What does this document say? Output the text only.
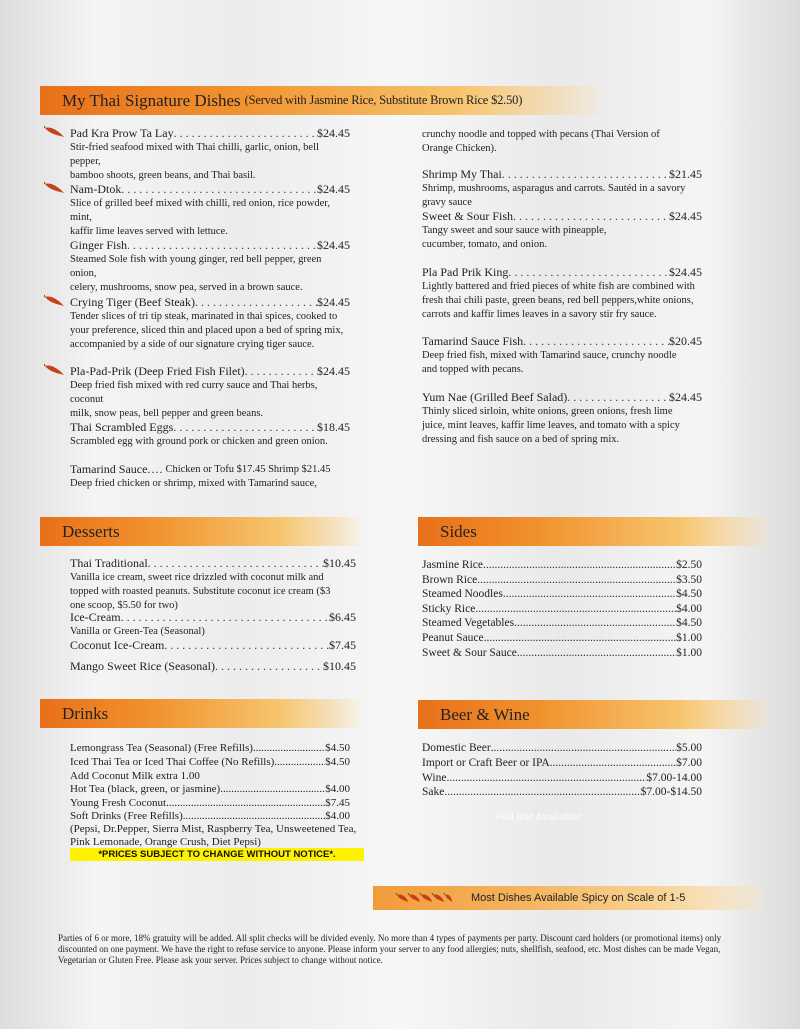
My Thai Signature Dishes (Served with Jasmine Rice, Substitute Brown Rice $2.50)
Pad Kra Prow Ta Lay . . .	$24.45
Stir-fried seafood mixed with Thai chilli, garlic, onion, bell pepper,
bamboo shoots, green beans, and Thai basil.
Nam-Dtok . . .	$24.45
Slice of grilled beef mixed with chilli, red onion, rice powder, mint,
kaffir lime leaves served with lettuce.
Ginger Fish . . .	$24.45
Steamed Sole fish with young ginger, red bell pepper, green onion,
celery, mushrooms, snow pea, served in a brown sauce.
Crying Tiger (Beef Steak) . . .	$24.45
Tender slices of tri tip steak, marinated in thai spices, cooked to
your preference, sliced thin and placed upon a bed of spring mix,
accompanied by a side of our signature crying tiger sauce.
Pla-Pad-Prik (Deep Fried Fish Filet) . . .	$24.45
Deep fried fish mixed with red curry sauce and Thai herbs, coconut
milk, snow peas, bell pepper and green beans.
Thai Scrambled Eggs . . .	$18.45
Scrambled egg with ground pork or chicken and green onion.
Tamarind Sauce .... Chicken or Tofu $17.45 Shrimp $21.45
Deep fried chicken or shrimp, mixed with Tamarind sauce,
crunchy noodle and topped with pecans (Thai Version of
Orange Chicken).
Shrimp My Thai . . .	$21.45
Shrimp, mushrooms, asparagus and carrots. Sautéd in a savory
gravy sauce
Sweet & Sour Fish . . .	$24.45
Tangy sweet and sour sauce with pineapple,
cucumber, tomato, and onion.
Pla Pad Prik King . . .	$24.45
Lightly battered and fried pieces of white fish are combined with
fresh thai chili paste, green beans, red bell peppers,white onions,
carrots and kaffir limes leaves in a savory stir fry sauce.
Tamarind Sauce Fish . . .	$20.45
Deep fried fish, mixed with Tamarind sauce, crunchy noodle
and topped with pecans.
Yum Nae (Grilled Beef Salad) . . .	$24.45
Thinly sliced sirloin, white onions, green onions, fresh lime
juice, mint leaves, kaffir lime leaves, and tomato with a spicy
dressing and fish sauce on a bed of spring mix.
Desserts
Thai Traditional . . .	$10.45
Vanilla ice cream, sweet rice drizzled with coconut milk and
topped with roasted peanuts. Substitute coconut ice cream ($3
one scoop, $5.50 for two)
Ice-Cream . . .	$6.45
Vanilla or Green-Tea (Seasonal)
Coconut Ice-Cream . . .	$7.45
Mango Sweet Rice (Seasonal) . . .	$10.45
Sides
Jasmine Rice .....	$2.50
Brown Rice .....	$3.50
Steamed Noodles .....	$4.50
Sticky Rice .....	$4.00
Steamed Vegetables .....	$4.50
Peanut Sauce .....	$1.00
Sweet & Sour Sauce .....	$1.00
Drinks
Lemongrass Tea (Seasonal) (Free Refills) .....	$4.50
Iced Thai Tea or Iced Thai Coffee (No Refills) .....	$4.50
Add Coconut Milk extra 1.00
Hot Tea (black, green, or jasmine) .....	$4.00
Young Fresh Coconut .....	$7.45
Soft Drinks (Free Refills) .....	$4.00
(Pepsi, Dr.Pepper, Sierra Mist, Raspberry Tea, Unsweetened Tea,
Pink Lemonade, Orange Crush, Diet Pepsi)
*PRICES SUBJECT TO CHANGE WITHOUT NOTICE*.
Beer & Wine
Domestic Beer .....	$5.00
Import or Craft Beer or IPA .....	$7.00
Wine .....	$7.00-14.00
Sake .....	$7.00-$14.50
Full Bar Available!
Most Dishes Available Spicy on Scale of 1-5
Parties of 6 or more, 18% gratuity will be added. All split checks will be divided evenly. No more than 4 types of payments per party. Discount card holders (or promotional items) only discounted on one payment. We have the right to refuse service to anyone. Please inform your server to any food allergies; nuts, shellfish, seafood, etc. Most dishes can be made Vegan, Vegetarian or Gluten Free. Please ask your server. Prices subject to change without notice.
